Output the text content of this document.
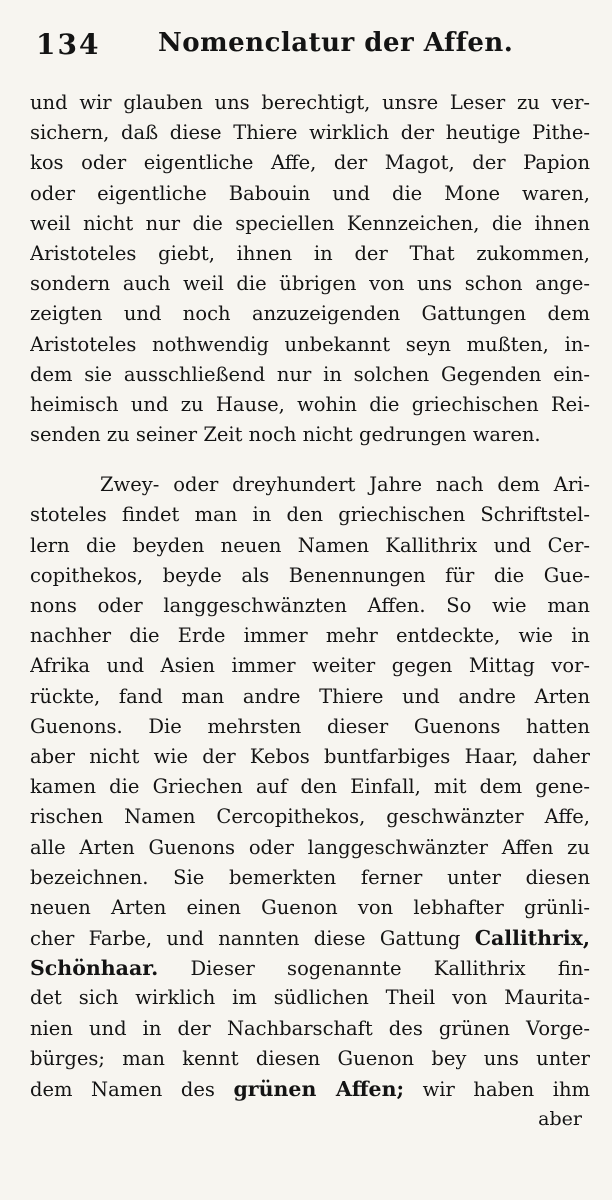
134 Nomenclatur der Affen.
und wir glauben uns berechtigt, unsre Leser zu ver-
sichern, daß diese Thiere wirklich der heutige Pithe-
kos oder eigentliche Affe, der Magot, der Papion
oder eigentliche Babouin und die Mone waren,
weil nicht nur die speciellen Kennzeichen, die ihnen
Aristoteles giebt, ihnen in der That zukommen,
sondern auch weil die übrigen von uns schon ange-
zeigten und noch anzuzeigenden Gattungen dem
Aristoteles nothwendig unbekannt seyn mußten, in-
dem sie ausschließend nur in solchen Gegenden ein-
heimisch und zu Hause, wohin die griechischen Rei-
senden zu seiner Zeit noch nicht gedrungen waren.
Zwey- oder dreyhundert Jahre nach dem Ari-
stoteles findet man in den griechischen Schriftstel-
lern die beyden neuen Namen Kallithrix und Cer-
copithekos, beyde als Benennungen für die Gue-
nons oder langgeschwänzten Affen. So wie man
nachher die Erde immer mehr entdeckte, wie in
Afrika und Asien immer weiter gegen Mittag vor-
rückte, fand man andre Thiere und andre Arten
Guenons. Die mehrsten dieser Guenons hatten
aber nicht wie der Kebos buntfarbiges Haar, daher
kamen die Griechen auf den Einfall, mit dem gene-
rischen Namen Cercopithekos, geschwänzter Affe,
alle Arten Guenons oder langgeschwänzter Affen zu
bezeichnen. Sie bemerkten ferner unter diesen
neuen Arten einen Guenon von lebhafter grünli-
cher Farbe, und nannten diese Gattung Callithrix,
Schönhaar. Dieser sogenannte Kallithrix fin-
det sich wirklich im südlichen Theil von Maurita-
nien und in der Nachbarschaft des grünen Vorge-
bürges; man kennt diesen Guenon bey uns unter
dem Namen des grünen Affen; wir haben ihm
aber
